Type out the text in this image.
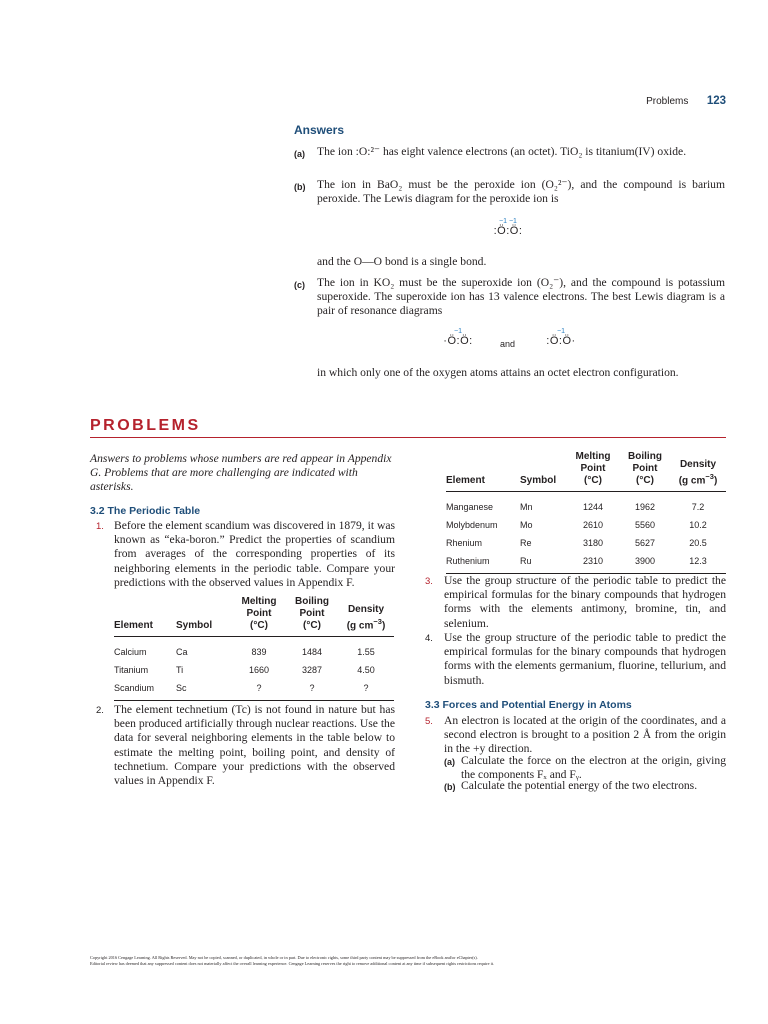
Problems 123
Answers
(a) The ion :O:²⁻ has eight valence electrons (an octet). TiO₂ is titanium(IV) oxide.
(b) The ion in BaO₂ must be the peroxide ion (O₂²⁻), and the compound is barium peroxide. The Lewis diagram for the peroxide ion is
−1 −1
:Ö:Ö:
and the O—O bond is a single bond.
(c) The ion in KO₂ must be the superoxide ion (O₂⁻), and the compound is potassium superoxide. The superoxide ion has 13 valence electrons. The best Lewis diagram is a pair of resonance diagrams
−1
·Ö:Ö:	and
−1
:Ö:Ö·
in which only one of the oxygen atoms attains an octet electron configuration.
PROBLEMS
Answers to problems whose numbers are red appear in Appendix G. Problems that are more challenging are indicated with asterisks.
3.2 The Periodic Table
1. Before the element scandium was discovered in 1879, it was known as “eka-boron.” Predict the properties of scandium from averages of the corresponding properties of its neighboring elements in the periodic table. Compare your predictions with the observed values in Appendix F.
Element	Symbol	Melting
Point
(°C)	Boiling
Point
(°C)	Density
(g $cm^{-3}$)
Calcium	Ca	839	1484	1.55
Titanium	Ti	1660	3287	4.50
Scandium	Sc	?	?	?
2. The element technetium (Tc) is not found in nature but has been produced artificially through nuclear reactions. Use the data for several neighboring elements in the table below to estimate the melting point, boiling point, and density of technetium. Compare your predictions with the observed values in Appendix F.
Element	Symbol	Melting
Point
(°C)	Boiling
Point
(°C)	Density
(g $cm^{-3}$)
Manganese	Mn	1244	1962	7.2
Molybdenum	Mo	2610	5560	10.2
Rhenium	Re	3180	5627	20.5
Ruthenium	Ru	2310	3900	12.3
3. Use the group structure of the periodic table to predict the empirical formulas for the binary compounds that hydrogen forms with the elements antimony, bromine, tin, and selenium.
4. Use the group structure of the periodic table to predict the empirical formulas for the binary compounds that hydrogen forms with the elements germanium, fluorine, tellurium, and bismuth.
3.3 Forces and Potential Energy in Atoms
5. An electron is located at the origin of the coordinates, and a second electron is brought to a position 2 Å from the origin in the +y direction.
(a) Calculate the force on the electron at the origin, giving the components Fₓ and Fᵧ.
(b) Calculate the potential energy of the two electrons.
Copyright 2016 Cengage Learning. All Rights Reserved. May not be copied, scanned, or duplicated, in whole or in part. Due to electronic rights, some third party content may be suppressed from the eBook and/or eChapter(s).
Editorial review has deemed that any suppressed content does not materially affect the overall learning experience. Cengage Learning reserves the right to remove additional content at any time if subsequent rights restrictions require it.
